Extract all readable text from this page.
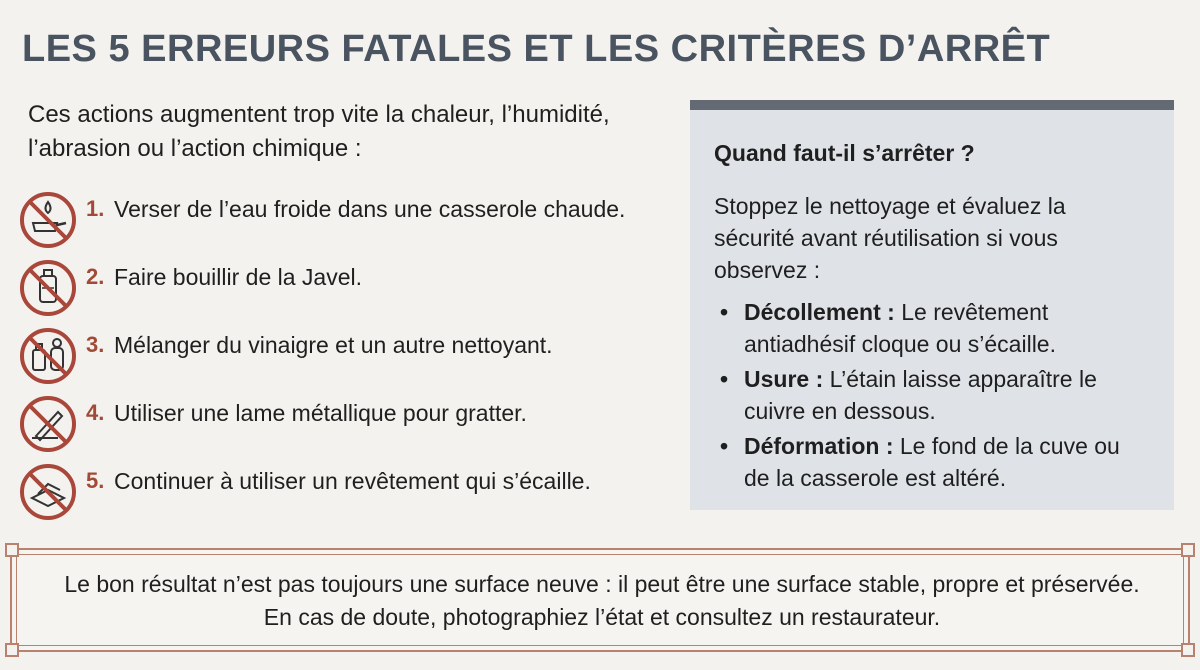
LES 5 ERREURS FATALES ET LES CRITÈRES D’ARRÊT

Ces actions augmentent trop vite la chaleur, l’humidité, l’abrasion ou l’action chimique :

1. Verser de l’eau froide dans une casserole chaude.
2. Faire bouillir de la Javel.
3. Mélanger du vinaigre et un autre nettoyant.
4. Utiliser une lame métallique pour gratter.
5. Continuer à utiliser un revêtement qui s’écaille.
Quand faut-il s’arrêter ?

Stoppez le nettoyage et évaluez la sécurité avant réutilisation si vous observez :

• Décollement : Le revêtement antiadhésif cloque ou s’écaille.
• Usure : L’étain laisse apparaître le cuivre en dessous.
• Déformation : Le fond de la cuve ou de la casserole est altéré.

Le bon résultat n’est pas toujours une surface neuve : il peut être une surface stable, propre et préservée. En cas de doute, photographiez l’état et consultez un restaurateur.
